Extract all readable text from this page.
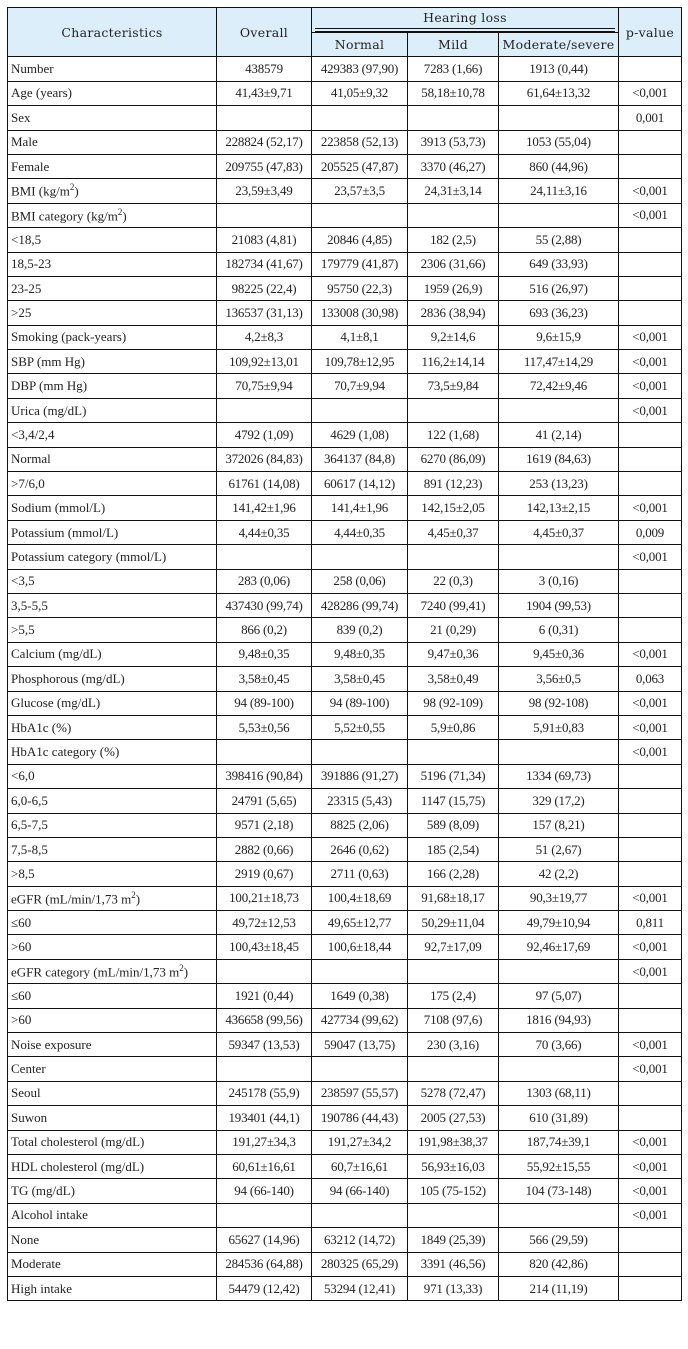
Characteristics	Overall	Hearing loss			p-value
		Normal	Mild	Moderate/severe	
Number	438579	429383 (97,90)	7283 (1,66)	1913 (0,44)	
Age (years)	41,43±9,71	41,05±9,32	58,18±10,78	61,64±13,32	<0,001
Sex					0,001
Male	228824 (52,17)	223858 (52,13)	3913 (53,73)	1053 (55,04)	
Female	209755 (47,83)	205525 (47,87)	3370 (46,27)	860 (44,96)	
BMI $(kg/m^2)$	23,59±3,49	23,57±3,5	24,31±3,14	24,11±3,16	<0,001
BMI category $(kg/m^2)$					<0,001
<18,5	21083 (4,81)	20846 (4,85)	182 (2,5)	55 (2,88)	
18,5-23	182734 (41,67)	179779 (41,87)	2306 (31,66)	649 (33,93)	
23-25	98225 (22,4)	95750 (22,3)	1959 (26,9)	516 (26,97)	
>25	136537 (31,13)	133008 (30,98)	2836 (38,94)	693 (36,23)	
Smoking (pack-years)	4,2±8,3	4,1±8,1	9,2±14,6	9,6±15,9	<0,001
SBP (mm Hg)	109,92±13,01	109,78±12,95	116,2±14,14	117,47±14,29	<0,001
DBP (mm Hg)	70,75±9,94	70,7±9,94	73,5±9,84	72,42±9,46	<0,001
Urica (mg/dL)					<0,001
<3,4/2,4	4792 (1,09)	4629 (1,08)	122 (1,68)	41 (2,14)	
Normal	372026 (84,83)	364137 (84,8)	6270 (86,09)	1619 (84,63)	
>7/6,0	61761 (14,08)	60617 (14,12)	891 (12,23)	253 (13,23)	
Sodium (mmol/L)	141,42±1,96	141,4±1,96	142,15±2,05	142,13±2,15	<0,001
Potassium (mmol/L)	4,44±0,35	4,44±0,35	4,45±0,37	4,45±0,37	0,009
Potassium category (mmol/L)					<0,001
<3,5	283 (0,06)	258 (0,06)	22 (0,3)	3 (0,16)	
3,5-5,5	437430 (99,74)	428286 (99,74)	7240 (99,41)	1904 (99,53)	
>5,5	866 (0,2)	839 (0,2)	21 (0,29)	6 (0,31)	
Calcium (mg/dL)	9,48±0,35	9,48±0,35	9,47±0,36	9,45±0,36	<0,001
Phosphorous (mg/dL)	3,58±0,45	3,58±0,45	3,58±0,49	3,56±0,5	0,063
Glucose (mg/dL)	94 (89-100)	94 (89-100)	98 (92-109)	98 (92-108)	<0,001
HbA1c (%)	5,53±0,56	5,52±0,55	5,9±0,86	5,91±0,83	<0,001
HbA1c category (%)					<0,001
<6,0	398416 (90,84)	391886 (91,27)	5196 (71,34)	1334 (69,73)	
6,0-6,5	24791 (5,65)	23315 (5,43)	1147 (15,75)	329 (17,2)	
6,5-7,5	9571 (2,18)	8825 (2,06)	589 (8,09)	157 (8,21)	
7,5-8,5	2882 (0,66)	2646 (0,62)	185 (2,54)	51 (2,67)	
>8,5	2919 (0,67)	2711 (0,63)	166 (2,28)	42 (2,2)	
eGFR (mL/min/1,73 $m^2$)	100,21±18,73	100,4±18,69	91,68±18,17	90,3±19,77	<0,001
≤60	49,72±12,53	49,65±12,77	50,29±11,04	49,79±10,94	0,811
>60	100,43±18,45	100,6±18,44	92,7±17,09	92,46±17,69	<0,001
eGFR category (mL/min/1,73 $m^2$)					<0,001
≤60	1921 (0,44)	1649 (0,38)	175 (2,4)	97 (5,07)	
>60	436658 (99,56)	427734 (99,62)	7108 (97,6)	1816 (94,93)	
Noise exposure	59347 (13,53)	59047 (13,75)	230 (3,16)	70 (3,66)	<0,001
Center					<0,001
Seoul	245178 (55,9)	238597 (55,57)	5278 (72,47)	1303 (68,11)	
Suwon	193401 (44,1)	190786 (44,43)	2005 (27,53)	610 (31,89)	
Total cholesterol (mg/dL)	191,27±34,3	191,27±34,2	191,98±38,37	187,74±39,1	<0,001
HDL cholesterol (mg/dL)	60,61±16,61	60,7±16,61	56,93±16,03	55,92±15,55	<0,001
TG (mg/dL)	94 (66-140)	94 (66-140)	105 (75-152)	104 (73-148)	<0,001
Alcohol intake					<0,001
None	65627 (14,96)	63212 (14,72)	1849 (25,39)	566 (29,59)	
Moderate	284536 (64,88)	280325 (65,29)	3391 (46,56)	820 (42,86)	
High intake	54479 (12,42)	53294 (12,41)	971 (13,33)	214 (11,19)	
